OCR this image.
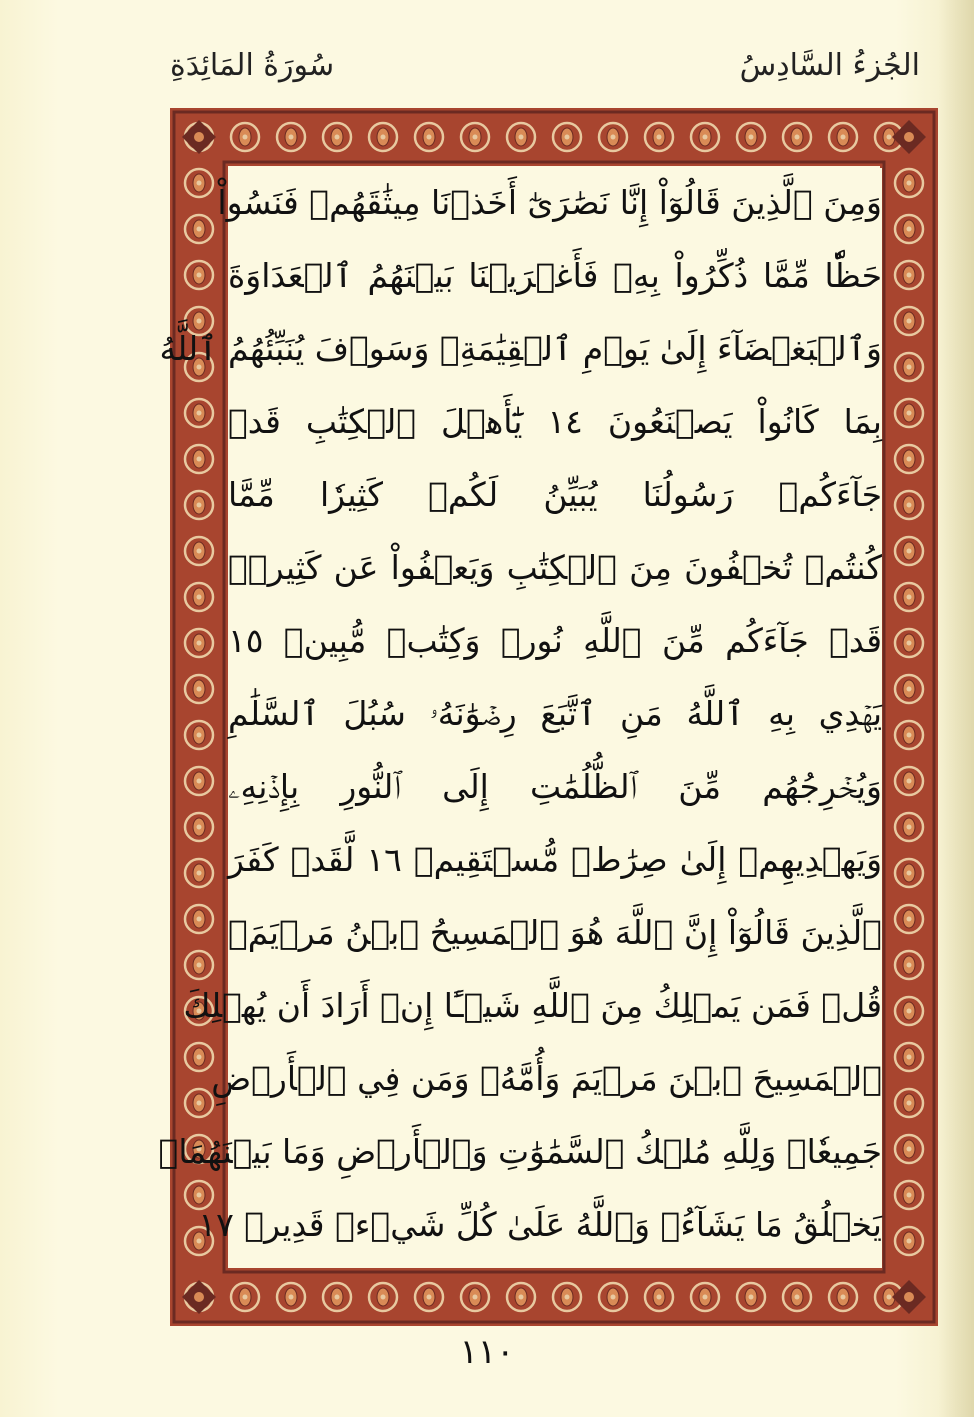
الجُزءُ السَّادِسُ
سُورَةُ المَائِدَةِ
وَمِنَ ٱلَّذِينَ قَالُوٓاْ إِنَّا نَصَٰرَىٰٓ أَخَذۡنَا مِيثَٰقَهُمۡ فَنَسُواْ
حَظّٗا مِّمَّا ذُكِّرُواْ بِهِۦ فَأَغۡرَيۡنَا بَيۡنَهُمُ ٱلۡعَدَاوَةَ
وَٱلۡبَغۡضَآءَ إِلَىٰ يَوۡمِ ٱلۡقِيَٰمَةِۚ وَسَوۡفَ يُنَبِّئُهُمُ ٱللَّهُ
بِمَا كَانُواْ يَصۡنَعُونَ ١٤ يَٰٓأَهۡلَ ٱلۡكِتَٰبِ قَدۡ
جَآءَكُمۡ رَسُولُنَا يُبَيِّنُ لَكُمۡ كَثِيرٗا مِّمَّا
كُنتُمۡ تُخۡفُونَ مِنَ ٱلۡكِتَٰبِ وَيَعۡفُواْ عَن كَثِيرٖۚ
قَدۡ جَآءَكُم مِّنَ ٱللَّهِ نُورٞ وَكِتَٰبٞ مُّبِينٞ ١٥
يَهۡدِي بِهِ ٱللَّهُ مَنِ ٱتَّبَعَ رِضۡوَٰنَهُۥ سُبُلَ ٱلسَّلَٰمِ
وَيُخۡرِجُهُم مِّنَ ٱلظُّلُمَٰتِ إِلَى ٱلنُّورِ بِإِذۡنِهِۦ
وَيَهۡدِيهِمۡ إِلَىٰ صِرَٰطٖ مُّسۡتَقِيمٖ ١٦ لَّقَدۡ كَفَرَ
ٱلَّذِينَ قَالُوٓاْ إِنَّ ٱللَّهَ هُوَ ٱلۡمَسِيحُ ٱبۡنُ مَرۡيَمَۚ
قُلۡ فَمَن يَمۡلِكُ مِنَ ٱللَّهِ شَيۡـًٔا إِنۡ أَرَادَ أَن يُهۡلِكَ
ٱلۡمَسِيحَ ٱبۡنَ مَرۡيَمَ وَأُمَّهُۥ وَمَن فِي ٱلۡأَرۡضِ
جَمِيعٗاۗ وَلِلَّهِ مُلۡكُ ٱلسَّمَٰوَٰتِ وَٱلۡأَرۡضِ وَمَا بَيۡنَهُمَاۚ
يَخۡلُقُ مَا يَشَآءُۚ وَٱللَّهُ عَلَىٰ كُلِّ شَيۡءٖ قَدِيرٞ ١٧
١١٠
